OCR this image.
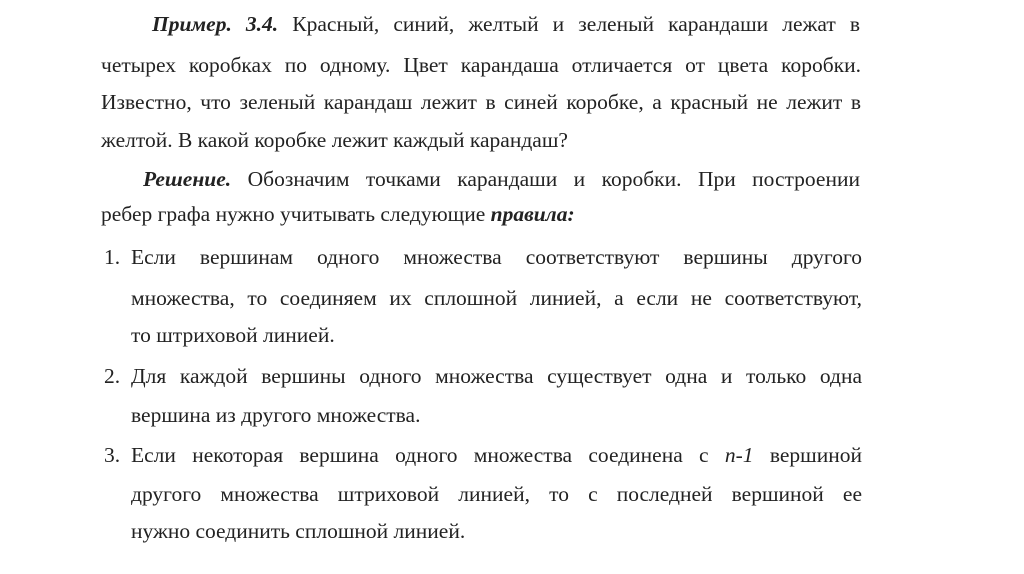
Пример. 3.4. Красный, синий, желтый и зеленый карандаши лежат в
четырех коробках по одному. Цвет карандаша отличается от цвета коробки.
Известно, что зеленый карандаш лежит в синей коробке, а красный не лежит в
желтой. В какой коробке лежит каждый карандаш?
Решение. Обозначим точками карандаши и коробки. При построении
ребер графа нужно учитывать следующие правила:
1. Если вершинам одного множества соответствуют вершины другого
множества, то соединяем их сплошной линией, а если не соответствуют,
то штриховой линией.
2. Для каждой вершины одного множества существует одна и только одна
вершина из другого множества.
3. Если некоторая вершина одного множества соединена с n-1 вершиной
другого множества штриховой линией, то с последней вершиной ее
нужно соединить сплошной линией.
